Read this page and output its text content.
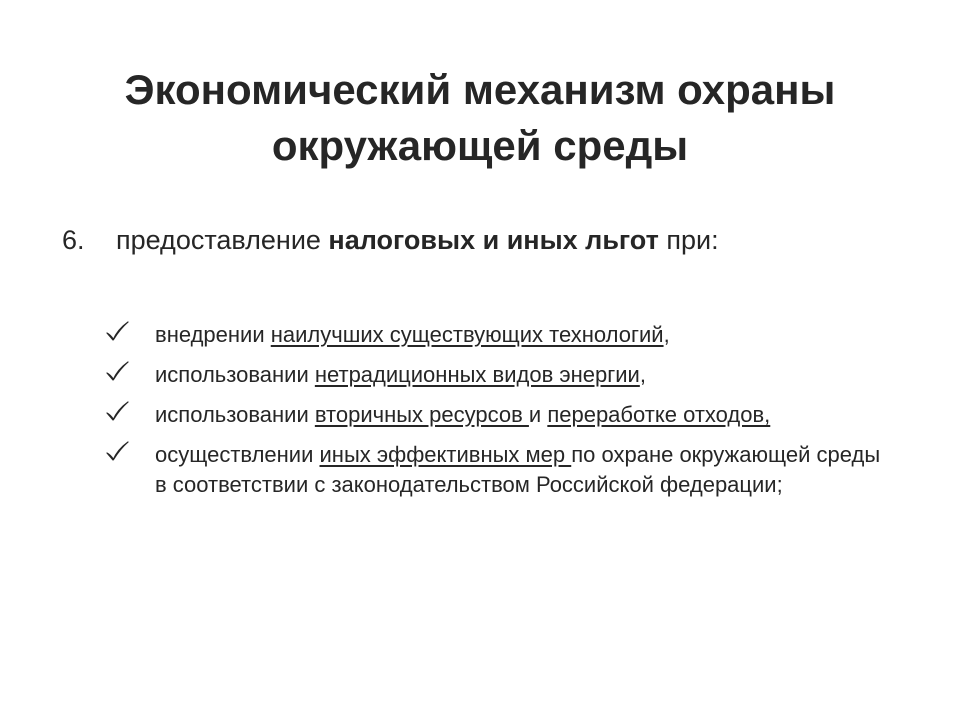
Экономический механизм охраны
окружающей среды
6. предоставление налоговых и иных льгот при:
внедрении наилучших существующих технологий,
использовании нетрадиционных видов энергии,
использовании вторичных ресурсов и переработке отходов,
осуществлении иных эффективных мер по охране окружающей среды в соответствии с законодательством Российской федерации;
